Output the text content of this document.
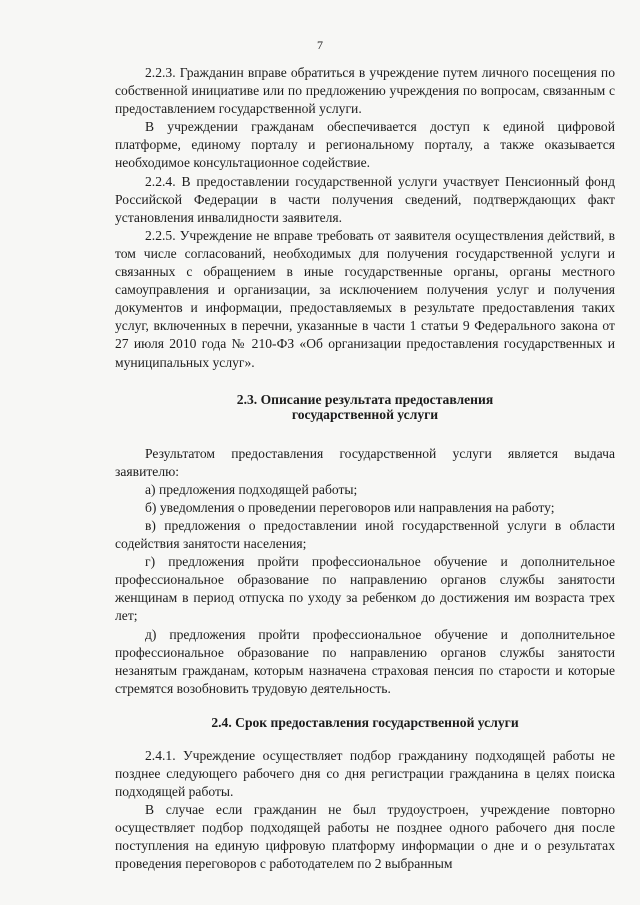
7

2.2.3. Гражданин вправе обратиться в учреждение путем личного посещения по собственной инициативе или по предложению учреждения по вопросам, связанным с предоставлением государственной услуги.

В учреждении гражданам обеспечивается доступ к единой цифровой платформе, единому порталу и региональному порталу, а также оказывается необходимое консультационное содействие.

2.2.4. В предоставлении государственной услуги участвует Пенсионный фонд Российской Федерации в части получения сведений, подтверждающих факт установления инвалидности заявителя.

2.2.5. Учреждение не вправе требовать от заявителя осуществления действий, в том числе согласований, необходимых для получения государственной услуги и связанных с обращением в иные государственные органы, органы местного самоуправления и организации, за исключением получения услуг и получения документов и информации, предоставляемых в результате предоставления таких услуг, включенных в перечни, указанные в части 1 статьи 9 Федерального закона от 27 июля 2010 года № 210-ФЗ «Об организации предоставления государственных и муниципальных услуг».

2.3. Описание результата предоставления
государственной услуги

Результатом предоставления государственной услуги является выдача заявителю:

а) предложения подходящей работы;

б) уведомления о проведении переговоров или направления на работу;

в) предложения о предоставлении иной государственной услуги в области содействия занятости населения;

г) предложения пройти профессиональное обучение и дополнительное профессиональное образование по направлению органов службы занятости женщинам в период отпуска по уходу за ребенком до достижения им возраста трех лет;

д) предложения пройти профессиональное обучение и дополнительное профессиональное образование по направлению органов службы занятости незанятым гражданам, которым назначена страховая пенсия по старости и которые стремятся возобновить трудовую деятельность.

2.4. Срок предоставления государственной услуги

2.4.1. Учреждение осуществляет подбор гражданину подходящей работы не позднее следующего рабочего дня со дня регистрации гражданина в целях поиска подходящей работы.

В случае если гражданин не был трудоустроен, учреждение повторно осуществляет подбор подходящей работы не позднее одного рабочего дня после поступления на единую цифровую платформу информации о дне и о результатах проведения переговоров с работодателем по 2 выбранным
